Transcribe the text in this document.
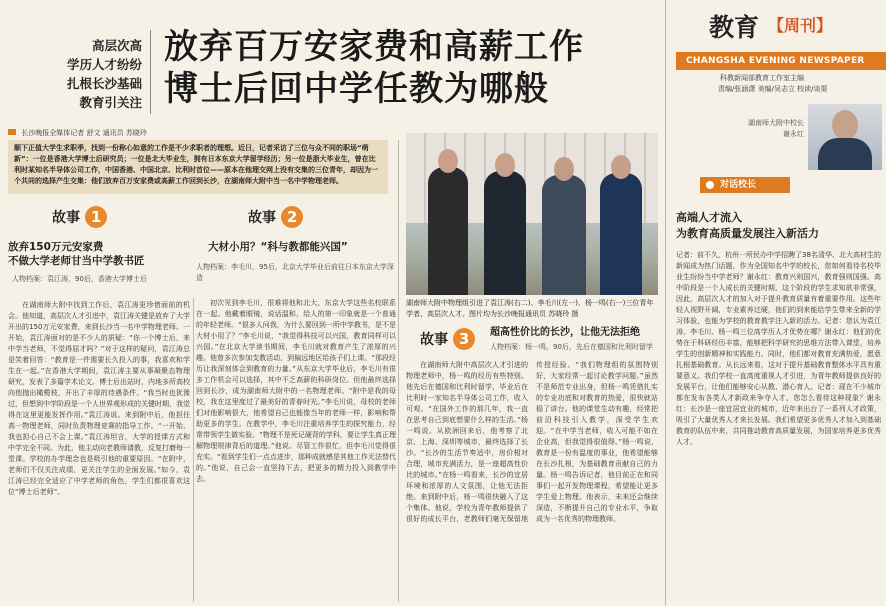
高层次高
学历人才纷纷
扎根长沙基础
教育引关注
放弃百万安家费和高薪工作
博士后回中学任教为哪般
教育 【周刊】
CHANGSHA EVENING NEWSPAPER
科教新闻部教育工作室主编
责编/张涵潇 美编/吴志立 校读/谈渠
长沙晚报全媒体记者 舒文 通讯员 苏晓玲
顺下正值大学生求职季，找到一份称心如意的工作是不少求职者的理想。近日，记者采访了三位与众不同的职场“萌新”：一位是香港大学博士后研究员；一位是北大毕业生，拥有日本东京大学留学经历；另一位是浙大毕业生，曾在比利时某知名半导体公司工作，中国香港、中国北京、比利时首位——原本在他理交网上没有交集的三位青年，却因为一个共同的选择产生交集：他们放弃百万安家费或高薪工作回到长沙，在湖南师大附中当一名中学物理老师。
故事 1
放弃150万元安家费
不做大学老师甘当中学教书匠
人物档案：袁江涛，90后，香港大学博士后
在湖南师大附中找到工作后，袁江涛更珍惜面前的机会。他知道，高层次人才引进中，袁江涛关键是放弃了大学开出的150万元安家费，来到长沙当一名中学物理老师。一开始，袁江涛面对的是不少人的质疑：“你一个博士后，来中学当老师，不觉得屈才吗？”对于这样的疑问，袁江涛总是笑着回答：“教育是一件需要长久投入的事，我喜欢和学生在一起。”在香港大学期间，袁江涛主要从事凝聚态物理研究，发表了多篇学术论文。博士后出站时，内地多所高校向他抛出橄榄枝，开出了丰厚的待遇条件。“我当时也犹豫过，但想到中学阶段是一个人世界观形成的关键时期，我觉得在这里更能发挥作用。”袁江涛说。来到附中后，他担任高一物理老师，同时负责物理竞赛的指导工作。“一开始，我也担心自己不会上课。”袁江涛坦言，大学的授课方式和中学完全不同。为此，他主动向老教师请教，反复打磨每一堂课。学校的办学理念也是吸引他的重要原因。“在附中，老师们不仅关注成绩，更关注学生的全面发展。”如今，袁江涛已经完全适应了中学老师的角色，学生们都很喜欢这位“博士后老师”。
故事 2
大材小用？“科与教都能兴国”
人物档案：李毛川，95后，北京大学毕业后前往日本东京大学深造
初次见到李毛川，很难将他和北大、东京大学这些名校联系在一起。他戴着眼镜，说话温和，给人的第一印象就是一个普通的年轻老师。“很多人问我，为什么要回到一所中学教书，是不是大材小用了？”李毛川说，“我觉得科技可以兴国，教育同样可以兴国。”在北京大学读书期间，李毛川就对教育产生了浓厚的兴趣。他曾多次参加支教活动，到偏远地区给孩子们上课。“那段经历让我深刻体会到教育的力量。”从东京大学毕业后，李毛川有很多工作机会可以选择，其中不乏高薪的科研岗位。但他最终选择回到长沙，成为湖南师大附中的一名物理老师。“附中是我的母校，我在这里度过了最美好的青春时光。”李毛川说，母校的老师们对他影响很大，他希望自己也能像当年的老师一样，影响和帮助更多的学生。在教学中，李毛川注重培养学生的探究能力，经常带领学生做实验。“物理不是死记硬背的学科，要让学生真正理解物理规律背后的道理。”他说。尽管工作很忙，但李毛川觉得很充实。“看到学生们一点点进步，那种成就感是其他工作无法替代的。”他说，自己会一直坚持下去，把更多的精力投入到教学中去。
湖南师大附中物理组引进了袁江涛(右二)、李毛川(左一)、杨一鸣(右一)三位青年学者、高层次人才。图片均为长沙晚报通讯员 苏晓玲 摄
故事 3	超高性价比的长沙，让他无法拒绝
人物档案：杨一鸣，90后，先后在德国和比利时留学
在湖南师大附中高层次人才引进的物理老师中，杨一鸣的经历有些特别。他先后在德国和比利时留学，毕业后在比利时一家知名半导体公司工作，收入可观。“在国外工作的那几年，我一直在思考自己到底想要什么样的生活。”杨一鸣说。从欧洲回来后，他考察了北京、上海、深圳等城市，最终选择了长沙。“长沙的生活节奏适中，房价相对合理，城市充满活力，是一座超高性价比的城市。”在杨一鸣看来，长沙的宜居环境和浓厚的人文氛围，让他无法拒绝。来到附中后，杨一鸣很快融入了这个集体。他说，学校为青年教师提供了很好的成长平台，老教师们毫无保留地传授经验。“我们物理组的氛围特别好，大家经常一起讨论教学问题。”虽然不是师范专业出身，但杨一鸣凭借扎实的专业功底和对教育的热爱，很快就站稳了讲台。他的课堂生动有趣，经常把前沿科技引入教学，深受学生欢迎。“在中学当老师，收入可能不如在企业高，但我觉得很值得。”杨一鸣说，教育是一份有温度的事业，他希望能够在长沙扎根，为基础教育贡献自己的力量。杨一鸣告诉记者，他目前正在和同事们一起开发物理课程，希望能让更多学生爱上物理。他表示，未来还会继续深造，不断提升自己的专业水平，争取成为一名优秀的物理教师。
湖南师大附中校长谢永红
对话校长
高端人才流入
为教育高质量发展注入新活力
记者：前不久，杭州一所民办中学招聘了38名清华、北大高材生的新闻成为热门话题，作为全国知名中学的校长，您如何看待名校毕业生纷纷当中学老师？谢永红：教育兴则国兴，教育强则国强。高中阶段是一个人成长的关键时期，这个阶段的学生求知欲非常强，因此，高层次人才的加入对于提升教育质量有着重要作用。这些年轻人视野开阔，专业素养过硬，他们的到来能给学生带来全新的学习体验，也能为学校的教育教学注入新的活力。记者：您认为袁江涛、李毛川、杨一鸣三位高学历人才优势在哪？谢永红：他们的优势在于科研经历丰富，能够把科学研究的思维方法带入课堂，培养学生的创新精神和实践能力。同时，他们都对教育充满热爱，愿意扎根基础教育。从长远来看，这对于提升基础教育整体水平具有重要意义。我们学校一直高度重视人才引进，为青年教师提供良好的发展平台，让他们能够安心从教、潜心育人。记者：现在不少城市都在发布各类人才新政来争夺人才，您怎么看待这种现象？谢永红：长沙是一座宜居宜业的城市，近年来出台了一系列人才政策，吸引了大量优秀人才来长发展。我们希望更多优秀人才加入到基础教育的队伍中来，共同推动教育高质量发展，为国家培养更多优秀人才。
